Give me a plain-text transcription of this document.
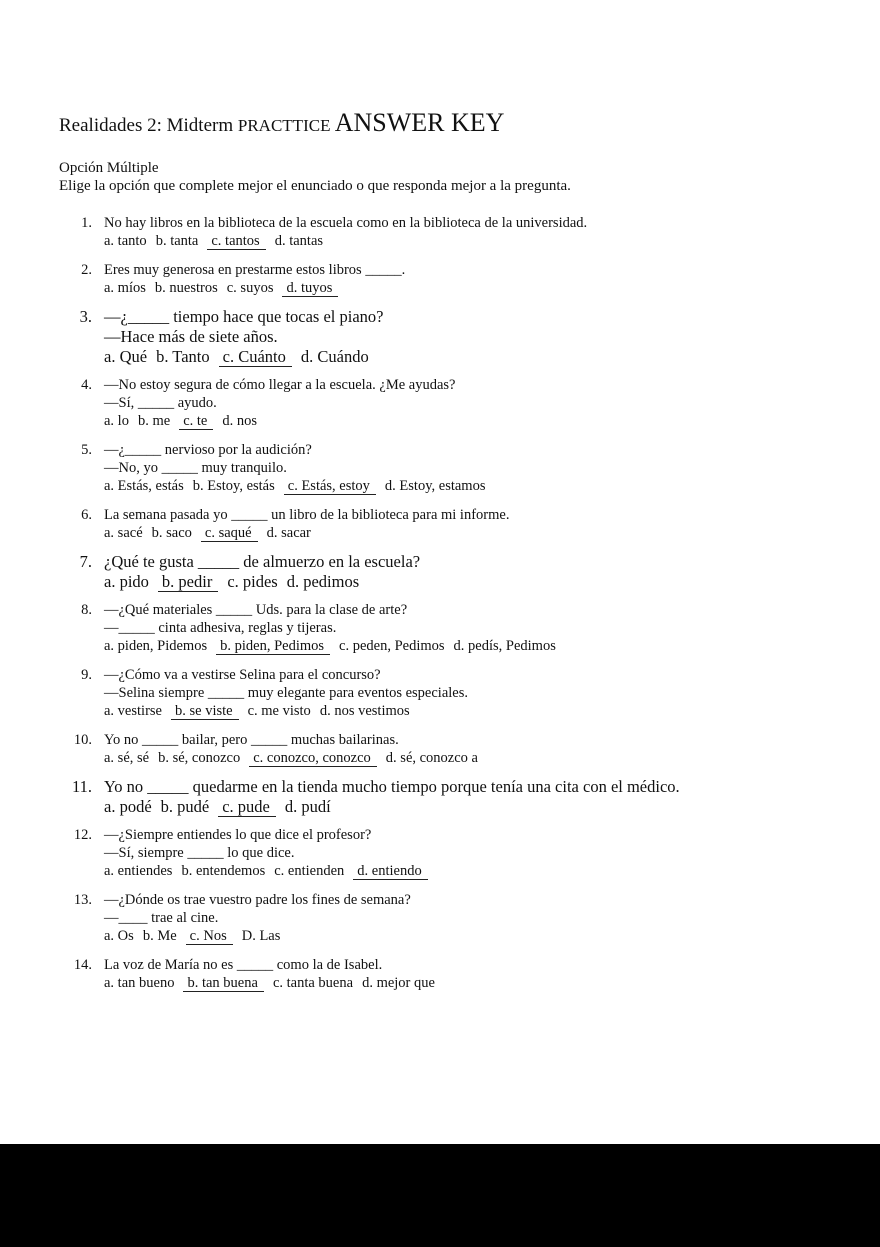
Realidades 2: Midterm PRACTTICE ANSWER KEY
Opción Múltiple
Elige la opción que complete mejor el enunciado o que responda mejor a la pregunta.
1. No hay libros en la biblioteca de la escuela como en la biblioteca de la universidad.
a. tanto b. tanta c. tantos d. tantas
2. Eres muy generosa en prestarme estos libros _____.
a. míos b. nuestros c. suyos d. tuyos
3. —¿_____ tiempo hace que tocas el piano?
—Hace más de siete años.
a. Qué b. Tanto c. Cuánto d. Cuándo
4. —No estoy segura de cómo llegar a la escuela. ¿Me ayudas?
—Sí, _____ ayudo.
a. lo b. me c. te d. nos
5. —¿_____ nervioso por la audición?
—No, yo _____ muy tranquilo.
a. Estás, estás b. Estoy, estás c. Estás, estoy d. Estoy, estamos
6. La semana pasada yo _____ un libro de la biblioteca para mi informe.
a. sacé b. saco c. saqué d. sacar
7. ¿Qué te gusta _____ de almuerzo en la escuela?
a. pido b. pedir c. pides d. pedimos
8. —¿Qué materiales _____ Uds. para la clase de arte?
—_____ cinta adhesiva, reglas y tijeras.
a. piden, Pidemos b. piden, Pedimos c. peden, Pedimos d. pedís, Pedimos
9. —¿Cómo va a vestirse Selina para el concurso?
—Selina siempre _____ muy elegante para eventos especiales.
a. vestirse b. se viste c. me visto d. nos vestimos
10. Yo no _____ bailar, pero _____ muchas bailarinas.
a. sé, sé b. sé, conozco c. conozco, conozco d. sé, conozco a
11. Yo no _____ quedarme en la tienda mucho tiempo porque tenía una cita con el médico.
a. podé b. pudé c. pude d. pudí
12. —¿Siempre entiendes lo que dice el profesor?
—Sí, siempre _____ lo que dice.
a. entiendes b. entendemos c. entienden d. entiendo
13. —¿Dónde os trae vuestro padre los fines de semana?
—____ trae al cine.
a. Os b. Me c. Nos D. Las
14. La voz de María no es _____ como la de Isabel.
a. tan bueno b. tan buena c. tanta buena d. mejor que
